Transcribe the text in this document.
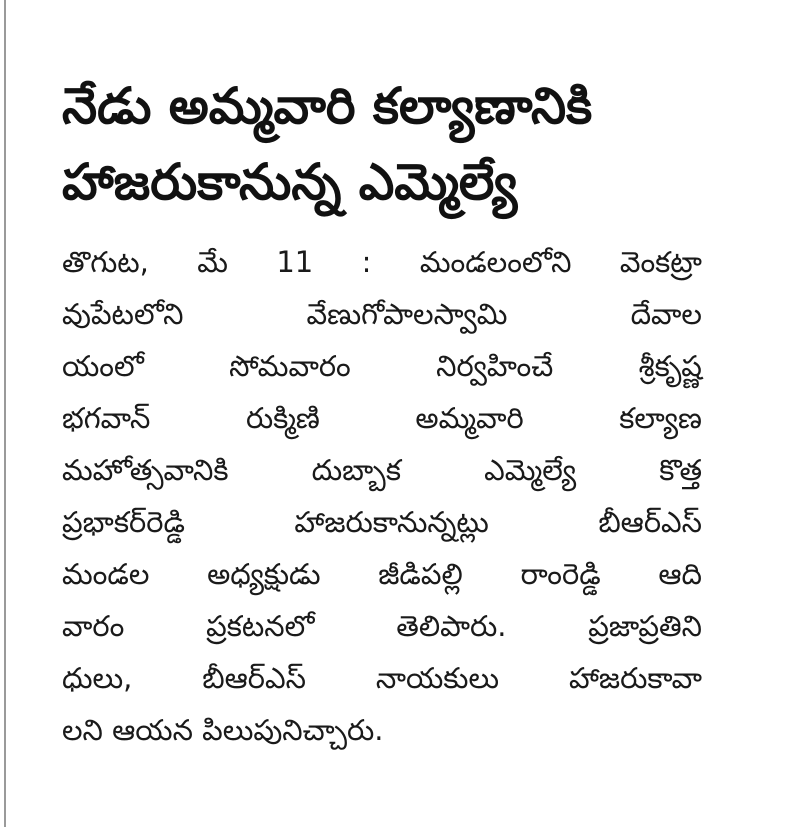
నేడు అమ్మవారి కల్యాణానికి
హాజరుకానున్న ఎమ్మెల్యే
తొగుట, మే 11 : మండలంలోని వెంకట్రా
వుపేటలోని వేణుగోపాలస్వామి దేవాల
యంలో సోమవారం నిర్వహించే శ్రీకృష్ణ
భగవాన్ రుక్మిణి అమ్మవారి కల్యాణ
మహోత్సవానికి దుబ్బాక ఎమ్మెల్యే కొత్త
ప్రభాకర్‌రెడ్డి హాజరుకానున్నట్లు బీఆర్‌ఎస్
మండల అధ్యక్షుడు జీడిపల్లి రాంరెడ్డి ఆది
వారం ప్రకటనలో తెలిపారు. ప్రజాప్రతిని
ధులు, బీఆర్‌ఎస్ నాయకులు హాజరుకావా
లని ఆయన పిలుపునిచ్చారు.
